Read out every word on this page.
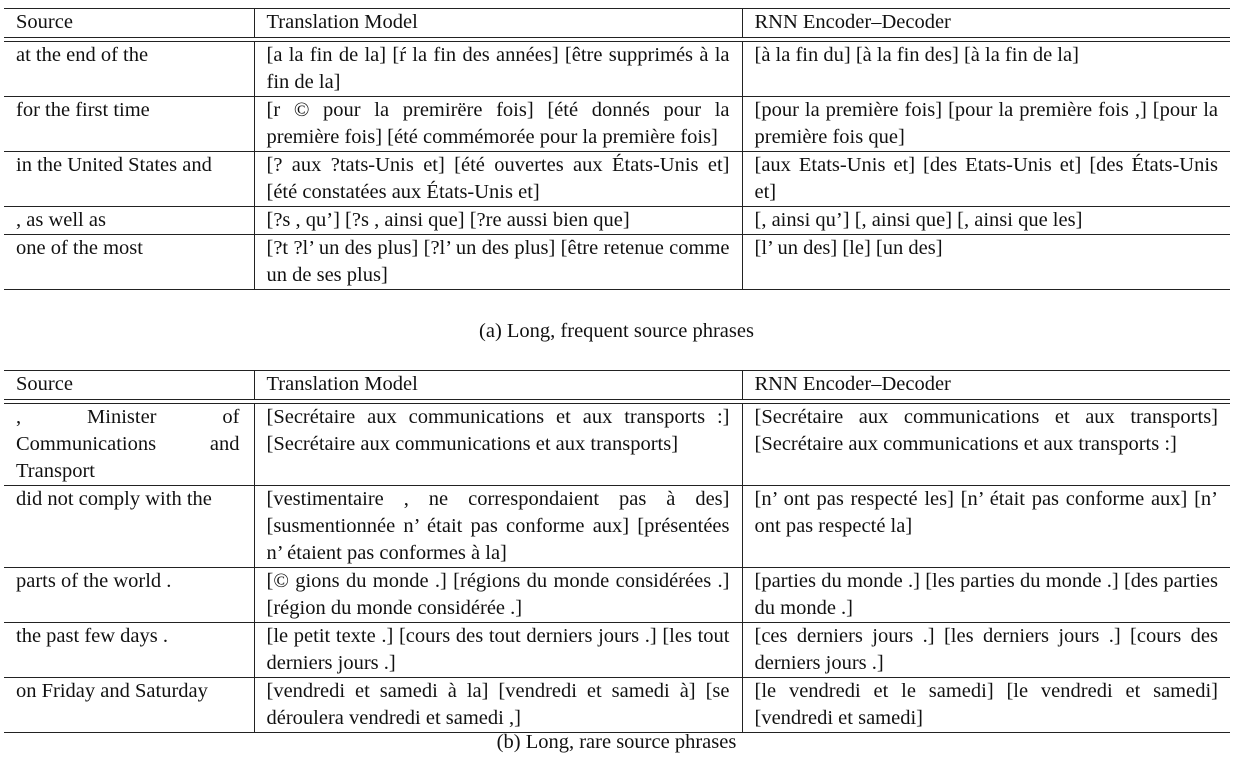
Source	Translation Model	RNN Encoder–Decoder

at the end of the	[a la fin de la] [ŕ la fin des années] [être supprimés à la fin de la]	[à la fin du] [à la fin des] [à la fin de la]
for the first time	[r © pour la premirëre fois] [été donnés pour la première fois] [été commémorée pour la première fois]	[pour la première fois] [pour la première fois ,] [pour la première fois que]
in the United States and	[? aux ?tats-Unis et] [été ouvertes aux États-Unis et] [été constatées aux États-Unis et]	[aux Etats-Unis et] [des Etats-Unis et] [des États-Unis et]
, as well as	[?s , qu’] [?s , ainsi que] [?re aussi bien que]	[, ainsi qu’] [, ainsi que] [, ainsi que les]
one of the most	[?t ?l’ un des plus] [?l’ un des plus] [être retenue comme un de ses plus]	[l’ un des] [le] [un des]
(a) Long, frequent source phrases
Source	Translation Model	RNN Encoder–Decoder

, Minister of Communications and Transport	[Secrétaire aux communications et aux transports :] [Secrétaire aux communications et aux transports]	[Secrétaire aux communications et aux transports] [Secrétaire aux communications et aux transports :]
did not comply with the	[vestimentaire , ne correspondaient pas à des] [susmentionnée n’ était pas conforme aux] [présentées n’ étaient pas conformes à la]	[n’ ont pas respecté les] [n’ était pas conforme aux] [n’ ont pas respecté la]
parts of the world .	[© gions du monde .] [régions du monde considérées .] [région du monde considérée .]	[parties du monde .] [les parties du monde .] [des parties du monde .]
the past few days .	[le petit texte .] [cours des tout derniers jours .] [les tout derniers jours .]	[ces derniers jours .] [les derniers jours .] [cours des derniers jours .]
on Friday and Saturday	[vendredi et samedi à la] [vendredi et samedi à] [se déroulera vendredi et samedi ,]	[le vendredi et le samedi] [le vendredi et samedi] [vendredi et samedi]
(b) Long, rare source phrases
